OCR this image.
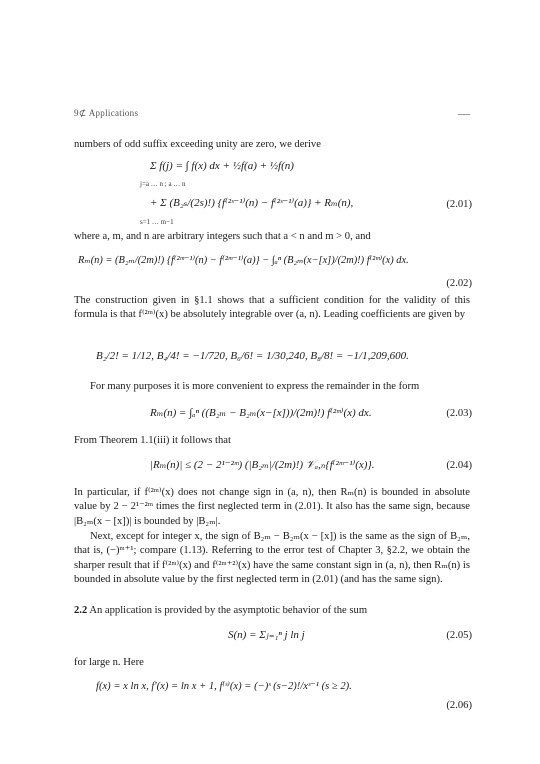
9⊄ Applications
numbers of odd suffix exceeding unity are zero, we derive
Σ f(j) = ∫ f(x) dx + ½f(a) + ½f(n)
j=a … n ; a … n
+ Σ (B₂ₛ/(2s)!) {f⁽²ˢ⁻¹⁾(n) − f⁽²ˢ⁻¹⁾(a)} + Rₘ(n),
s=1 … m−1
(2.01)
where a, m, and n are arbitrary integers such that a < n and m > 0, and
Rₘ(n) = (B₂ₘ/(2m)!) {f⁽²ᵐ⁻¹⁾(n) − f⁽²ᵐ⁻¹⁾(a)} − ∫ₐⁿ (B₂ₘ(x−[x])/(2m)!) f⁽²ᵐ⁾(x) dx.
(2.02)
The construction given in §1.1 shows that a sufficient condition for the validity of this formula is that f⁽²ᵐ⁾(x) be absolutely integrable over (a, n). Leading coefficients are given by
B₂/2! = 1/12, B₄/4! = −1/720, B₆/6! = 1/30,240, B₈/8! = −1/1,209,600.
For many purposes it is more convenient to express the remainder in the form
Rₘ(n) = ∫ₐⁿ ((B₂ₘ − B₂ₘ(x−[x]))/(2m)!) f⁽²ᵐ⁾(x) dx.	(2.03)
From Theorem 1.1(iii) it follows that
|Rₘ(n)| ≤ (2 − 2¹⁻²ᵐ) (|B₂ₘ|/(2m)!) 𝒱ₐ,ₙ{f⁽²ᵐ⁻¹⁾(x)}.	(2.04)
In particular, if f⁽²ᵐ⁾(x) does not change sign in (a, n), then Rₘ(n) is bounded in absolute value by 2 − 2¹⁻²ᵐ times the first neglected term in (2.01). It also has the same sign, because |B₂ₘ(x − [x])| is bounded by |B₂ₘ|.
Next, except for integer x, the sign of B₂ₘ − B₂ₘ(x − [x]) is the same as the sign of B₂ₘ, that is, (−)ᵐ⁺¹; compare (1.13). Referring to the error test of Chapter 3, §2.2, we obtain the sharper result that if f⁽²ᵐ⁾(x) and f⁽²ᵐ⁺²⁾(x) have the same constant sign in (a, n), then Rₘ(n) is bounded in absolute value by the first neglected term in (2.01) (and has the same sign).
2.2 An application is provided by the asymptotic behavior of the sum
S(n) = Σⱼ₌₁ⁿ j ln j	(2.05)
for large n. Here
f(x) = x ln x, f′(x) = ln x + 1, f⁽ˢ⁾(x) = (−)ˢ (s−2)!/xˢ⁻¹ (s ≥ 2).
(2.06)
